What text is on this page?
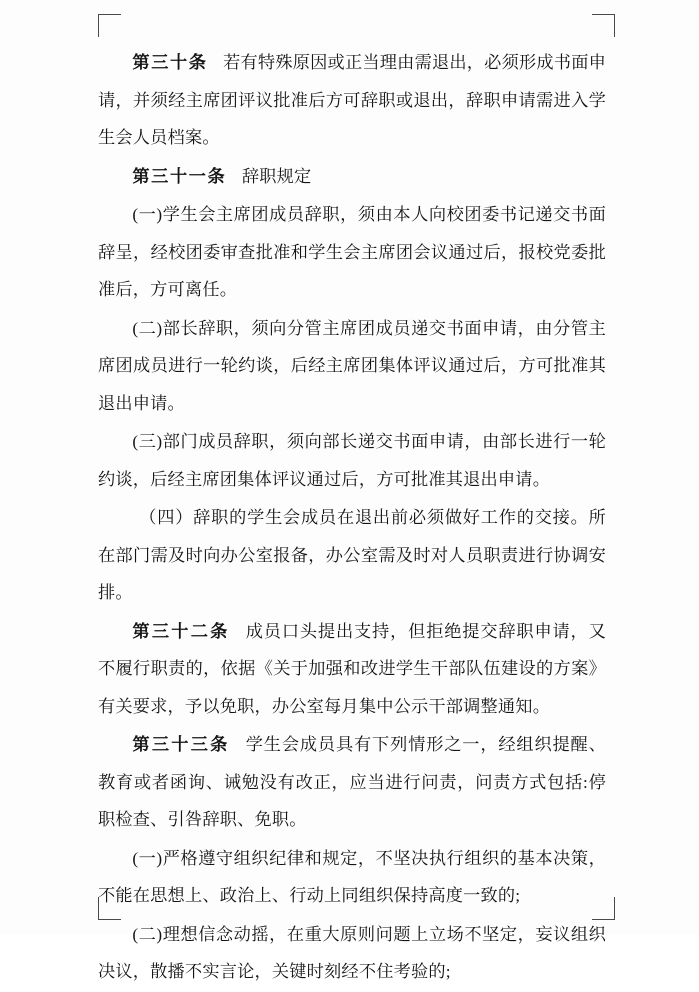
第三十条 若有特殊原因或正当理由需退出，必须形成书面申请，并须经主席团评议批准后方可辞职或退出，辞职申请需进入学生会人员档案。

第三十一条 辞职规定

(一)学生会主席团成员辞职，须由本人向校团委书记递交书面辞呈，经校团委审查批准和学生会主席团会议通过后，报校党委批准后，方可离任。

(二)部长辞职，须向分管主席团成员递交书面申请，由分管主席团成员进行一轮约谈，后经主席团集体评议通过后，方可批准其退出申请。

(三)部门成员辞职，须向部长递交书面申请，由部长进行一轮约谈，后经主席团集体评议通过后，方可批准其退出申请。

（四）辞职的学生会成员在退出前必须做好工作的交接。所在部门需及时向办公室报备，办公室需及时对人员职责进行协调安排。

第三十二条 成员口头提出支持，但拒绝提交辞职申请，又不履行职责的，依据《关于加强和改进学生干部队伍建设的方案》有关要求，予以免职，办公室每月集中公示干部调整通知。

第三十三条 学生会成员具有下列情形之一，经组织提醒、教育或者函询、诫勉没有改正，应当进行问责，问责方式包括:停职检查、引咎辞职、免职。

(一)严格遵守组织纪律和规定，不坚决执行组织的基本决策，不能在思想上、政治上、行动上同组织保持高度一致的;

(二)理想信念动摇，在重大原则问题上立场不坚定，妄议组织决议，散播不实言论，关键时刻经不住考验的;
